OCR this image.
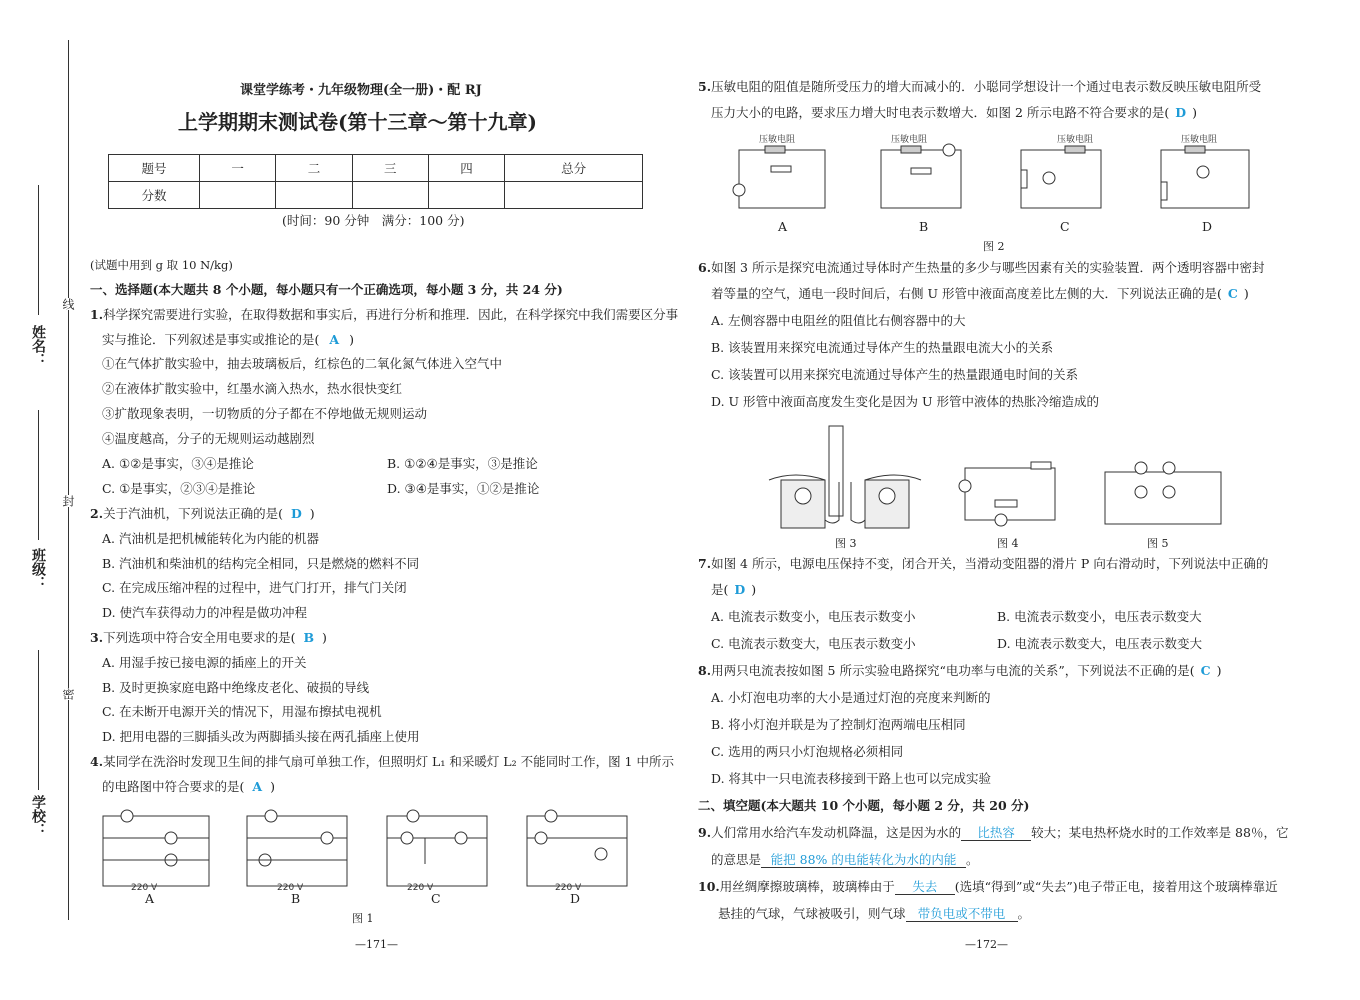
姓名：
班级：
学校：
线
封
密
课堂学练考・九年级物理(全一册)・配 RJ
上学期期末测试卷(第十三章～第十九章)
题号	一	二	三	四	总分
分数					
(时间：90 分钟　满分：100 分)
(试题中用到 g 取 10 N/kg)
一、选择题(本大题共 8 个小题，每小题只有一个正确选项，每小题 3 分，共 24 分)
1.科学探究需要进行实验，在取得数据和事实后，再进行分析和推理．因此，在科学探究中我们需要区分事
实与推论．下列叙述是事实或推论的是( A )
①在气体扩散实验中，抽去玻璃板后，红棕色的二氧化氮气体进入空气中
②在液体扩散实验中，红墨水滴入热水，热水很快变红
③扩散现象表明，一切物质的分子都在不停地做无规则运动
④温度越高，分子的无规则运动越剧烈
A. ①②是事实，③④是推论	B. ①②④是事实，③是推论
C. ①是事实，②③④是推论	D. ③④是事实，①②是推论
2.关于汽油机，下列说法正确的是( D )
A. 汽油机是把机械能转化为内能的机器
B. 汽油机和柴油机的结构完全相同，只是燃烧的燃料不同
C. 在完成压缩冲程的过程中，进气门打开，排气门关闭
D. 使汽车获得动力的冲程是做功冲程
3.下列选项中符合安全用电要求的是( B )
A. 用湿手按已接电源的插座上的开关
B. 及时更换家庭电路中绝缘皮老化、破损的导线
C. 在未断开电源开关的情况下，用湿布擦拭电视机
D. 把用电器的三脚插头改为两脚插头接在两孔插座上使用
4.某同学在洗浴时发现卫生间的排气扇可单独工作，但照明灯 L₁ 和采暖灯 L₂ 不能同时工作，图 1 中所示
的电路图中符合要求的是( A )
220 V	220 V	220 V	220 V
A	B	C	D
图 1
—171—
5.压敏电阻的阻值是随所受压力的增大而减小的．小聪同学想设计一个通过电表示数反映压敏电阻所受
压力大小的电路，要求压力增大时电表示数增大．如图 2 所示电路不符合要求的是( D )
压敏电阻	压敏电阻	压敏电阻	压敏电阻
A	B	C	D
图 2
6.如图 3 所示是探究电流通过导体时产生热量的多少与哪些因素有关的实验装置．两个透明容器中密封
着等量的空气，通电一段时间后，右侧 U 形管中液面高度差比左侧的大．下列说法正确的是( C )
A. 左侧容器中电阻丝的阻值比右侧容器中的大
B. 该装置用来探究电流通过导体产生的热量跟电流大小的关系
C. 该装置可以用来探究电流通过导体产生的热量跟通电时间的关系
D. U 形管中液面高度发生变化是因为 U 形管中液体的热胀冷缩造成的
图 3	图 4	图 5
7.如图 4 所示，电源电压保持不变，闭合开关，当滑动变阻器的滑片 P 向右滑动时，下列说法中正确的
是( D )
A. 电流表示数变小，电压表示数变小	B. 电流表示数变小，电压表示数变大
C. 电流表示数变大，电压表示数变小	D. 电流表示数变大，电压表示数变大
8.用两只电流表按如图 5 所示实验电路探究“电功率与电流的关系”，下列说法不正确的是( C )
A. 小灯泡电功率的大小是通过灯泡的亮度来判断的
B. 将小灯泡并联是为了控制灯泡两端电压相同
C. 选用的两只小灯泡规格必须相同
D. 将其中一只电流表移接到干路上也可以完成实验
二、填空题(本大题共 10 个小题，每小题 2 分，共 20 分)
9.人们常用水给汽车发动机降温，这是因为水的 比热容 较大；某电热杯烧水时的工作效率是 88％，它
的意思是 能把 88% 的电能转化为水的内能 。
10.用丝绸摩擦玻璃棒，玻璃棒由于 失去 (选填“得到”或“失去”)电子带正电，接着用这个玻璃棒靠近
悬挂的气球，气球被吸引，则气球 带负电或不带电 。
—172—
